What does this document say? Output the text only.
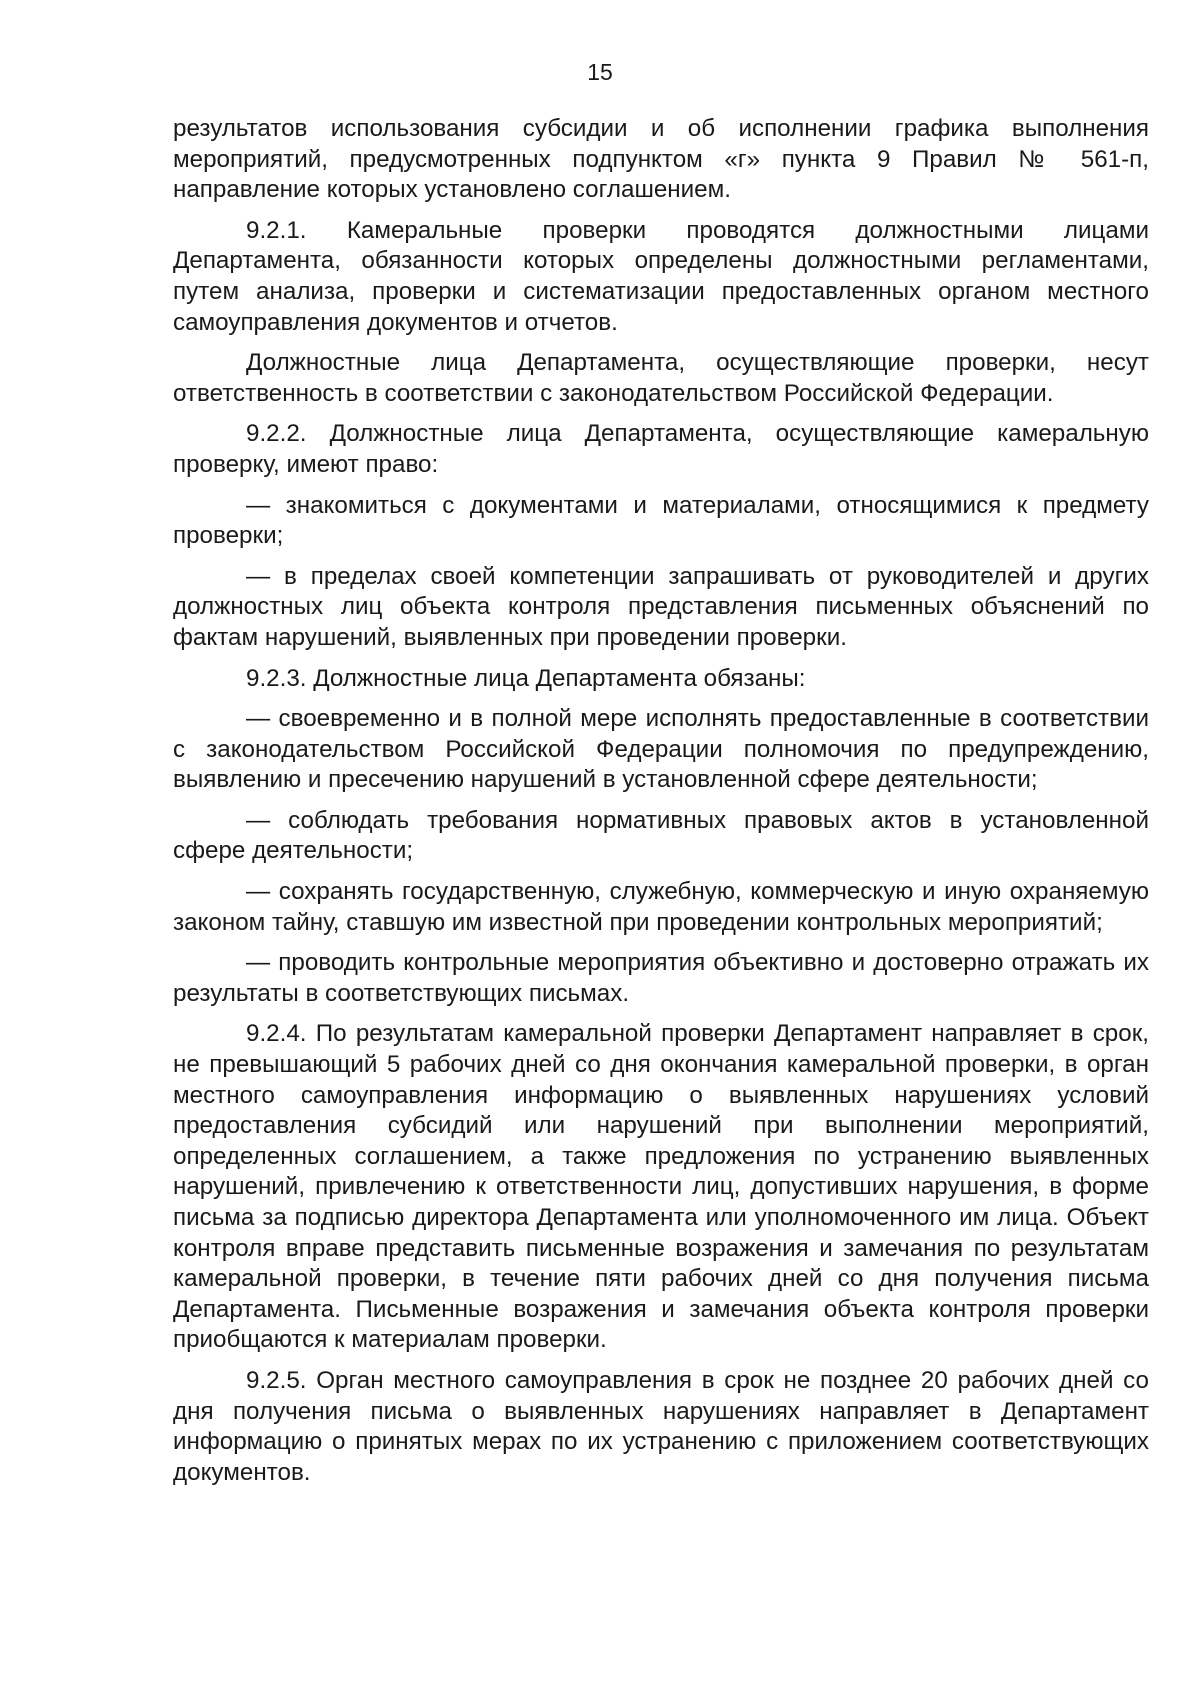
15

результатов использования субсидии и об исполнении графика выполнения мероприятий, предусмотренных подпунктом «г» пункта 9 Правил № 561-п, направление которых установлено соглашением.

9.2.1. Камеральные проверки проводятся должностными лицами Департамента, обязанности которых определены должностными регламентами, путем анализа, проверки и систематизации предоставленных органом местного самоуправления документов и отчетов.

Должностные лица Департамента, осуществляющие проверки, несут ответственность в соответствии с законодательством Российской Федерации.

9.2.2. Должностные лица Департамента, осуществляющие камеральную проверку, имеют право:

— знакомиться с документами и материалами, относящимися к предмету проверки;

— в пределах своей компетенции запрашивать от руководителей и других должностных лиц объекта контроля представления письменных объяснений по фактам нарушений, выявленных при проведении проверки.

9.2.3. Должностные лица Департамента обязаны:

— своевременно и в полной мере исполнять предоставленные в соответствии с законодательством Российской Федерации полномочия по предупреждению, выявлению и пресечению нарушений в установленной сфере деятельности;

— соблюдать требования нормативных правовых актов в установленной сфере деятельности;

— сохранять государственную, служебную, коммерческую и иную охраняемую законом тайну, ставшую им известной при проведении контрольных мероприятий;

— проводить контрольные мероприятия объективно и достоверно отражать их результаты в соответствующих письмах.

9.2.4. По результатам камеральной проверки Департамент направляет в срок, не превышающий 5 рабочих дней со дня окончания камеральной проверки, в орган местного самоуправления информацию о выявленных нарушениях условий предоставления субсидий или нарушений при выполнении мероприятий, определенных соглашением, а также предложения по устранению выявленных нарушений, привлечению к ответственности лиц, допустивших нарушения, в форме письма за подписью директора Департамента или уполномоченного им лица. Объект контроля вправе представить письменные возражения и замечания по результатам камеральной проверки, в течение пяти рабочих дней со дня получения письма Департамента. Письменные возражения и замечания объекта контроля проверки приобщаются к материалам проверки.

9.2.5. Орган местного самоуправления в срок не позднее 20 рабочих дней со дня получения письма о выявленных нарушениях направляет в Департамент информацию о принятых мерах по их устранению с приложением соответствующих документов.
